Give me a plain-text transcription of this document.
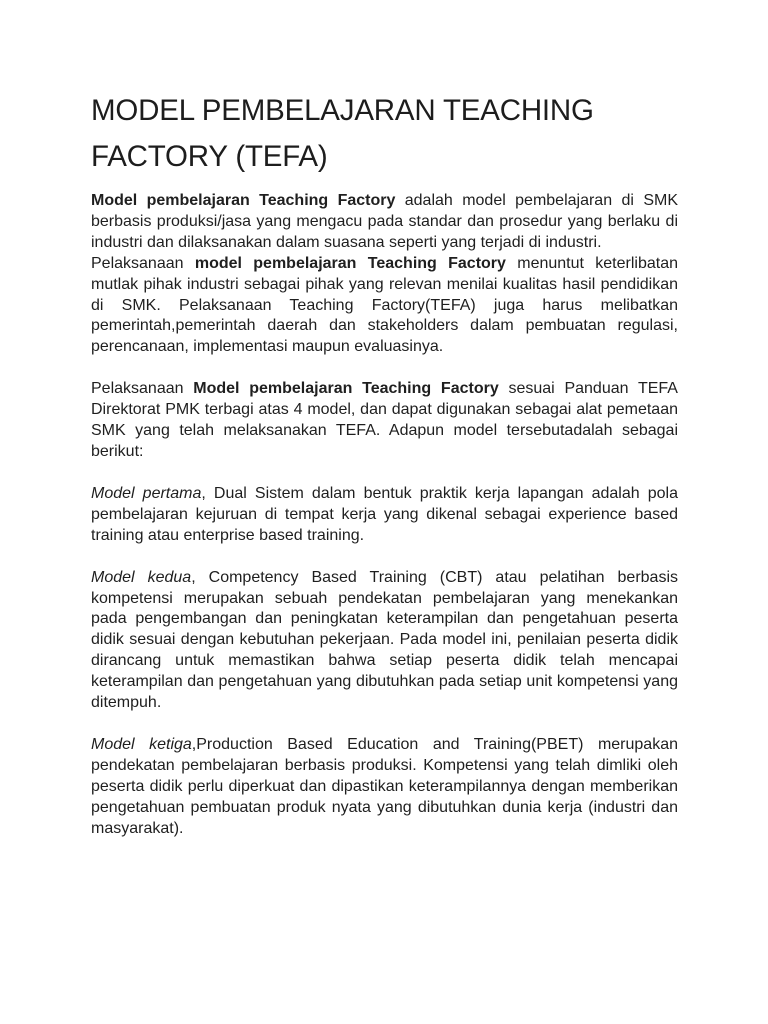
MODEL PEMBELAJARAN TEACHING FACTORY (TEFA)

Model pembelajaran Teaching Factory adalah model pembelajaran di SMK berbasis produksi/jasa yang mengacu pada standar dan prosedur yang berlaku di industri dan dilaksanakan dalam suasana seperti yang terjadi di industri.

Pelaksanaan model pembelajaran Teaching Factory menuntut keterlibatan mutlak pihak industri sebagai pihak yang relevan menilai kualitas hasil pendidikan di SMK. Pelaksanaan Teaching Factory(TEFA) juga harus melibatkan pemerintah,pemerintah daerah dan stakeholders dalam pembuatan regulasi, perencanaan, implementasi maupun evaluasinya.

Pelaksanaan Model pembelajaran Teaching Factory sesuai Panduan TEFA Direktorat PMK terbagi atas 4 model, dan dapat digunakan sebagai alat pemetaan SMK yang telah melaksanakan TEFA. Adapun model tersebutadalah sebagai berikut:

Model pertama, Dual Sistem dalam bentuk praktik kerja lapangan adalah pola pembelajaran kejuruan di tempat kerja yang dikenal sebagai experience based training atau enterprise based training.

Model kedua, Competency Based Training (CBT) atau pelatihan berbasis kompetensi merupakan sebuah pendekatan pembelajaran yang menekankan pada pengembangan dan peningkatan keterampilan dan pengetahuan peserta didik sesuai dengan kebutuhan pekerjaan. Pada model ini, penilaian peserta didik dirancang untuk memastikan bahwa setiap peserta didik telah mencapai keterampilan dan pengetahuan yang dibutuhkan pada setiap unit kompetensi yang ditempuh.

Model ketiga,Production Based Education and Training(PBET) merupakan pendekatan pembelajaran berbasis produksi. Kompetensi yang telah dimliki oleh peserta didik perlu diperkuat dan dipastikan keterampilannya dengan memberikan pengetahuan pembuatan produk nyata yang dibutuhkan dunia kerja (industri dan masyarakat).
